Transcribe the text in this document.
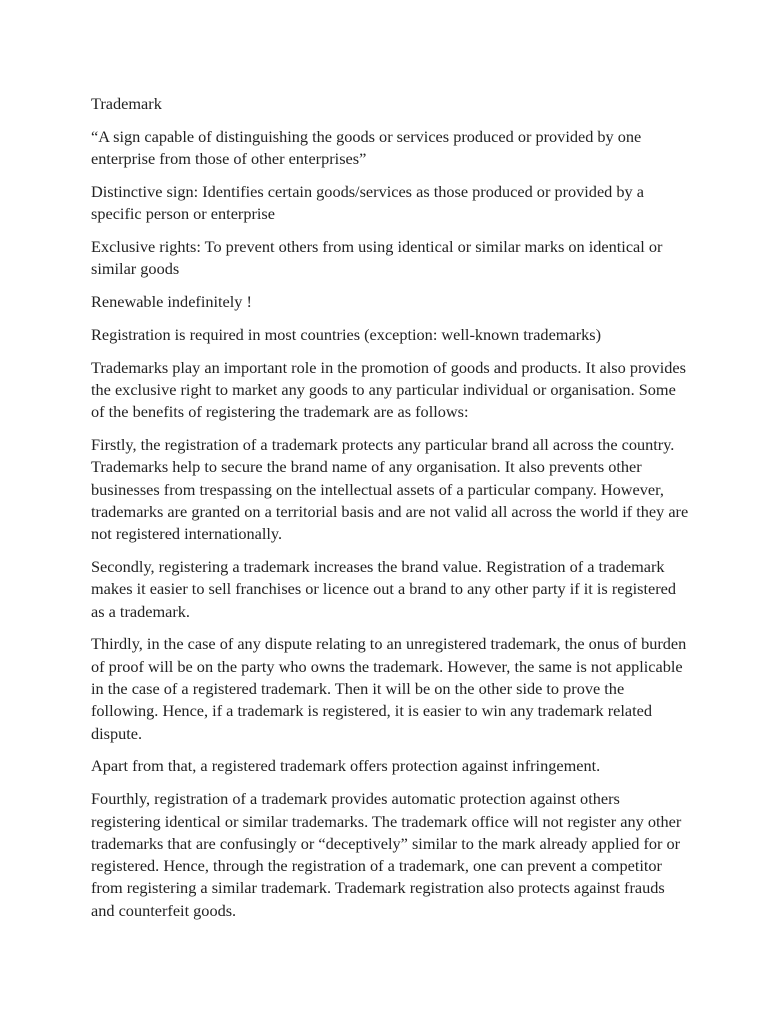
Trademark

“A sign capable of distinguishing the goods or services produced or provided by one enterprise from those of other enterprises”

Distinctive sign: Identifies certain goods/services as those produced or provided by a specific person or enterprise

Exclusive rights: To prevent others from using identical or similar marks on identical or similar goods

Renewable indefinitely !

Registration is required in most countries (exception: well-known trademarks)

Trademarks play an important role in the promotion of goods and products. It also provides the exclusive right to market any goods to any particular individual or organisation. Some of the benefits of registering the trademark are as follows:

Firstly, the registration of a trademark protects any particular brand all across the country. Trademarks help to secure the brand name of any organisation. It also prevents other businesses from trespassing on the intellectual assets of a particular company. However, trademarks are granted on a territorial basis and are not valid all across the world if they are not registered internationally.

Secondly, registering a trademark increases the brand value. Registration of a trademark makes it easier to sell franchises or licence out a brand to any other party if it is registered as a trademark.

Thirdly, in the case of any dispute relating to an unregistered trademark, the onus of burden of proof will be on the party who owns the trademark. However, the same is not applicable in the case of a registered trademark. Then it will be on the other side to prove the following. Hence, if a trademark is registered, it is easier to win any trademark related dispute.

Apart from that, a registered trademark offers protection against infringement.

Fourthly, registration of a trademark provides automatic protection against others registering identical or similar trademarks. The trademark office will not register any other trademarks that are confusingly or “deceptively” similar to the mark already applied for or registered. Hence, through the registration of a trademark, one can prevent a competitor from registering a similar trademark. Trademark registration also protects against frauds and counterfeit goods.
